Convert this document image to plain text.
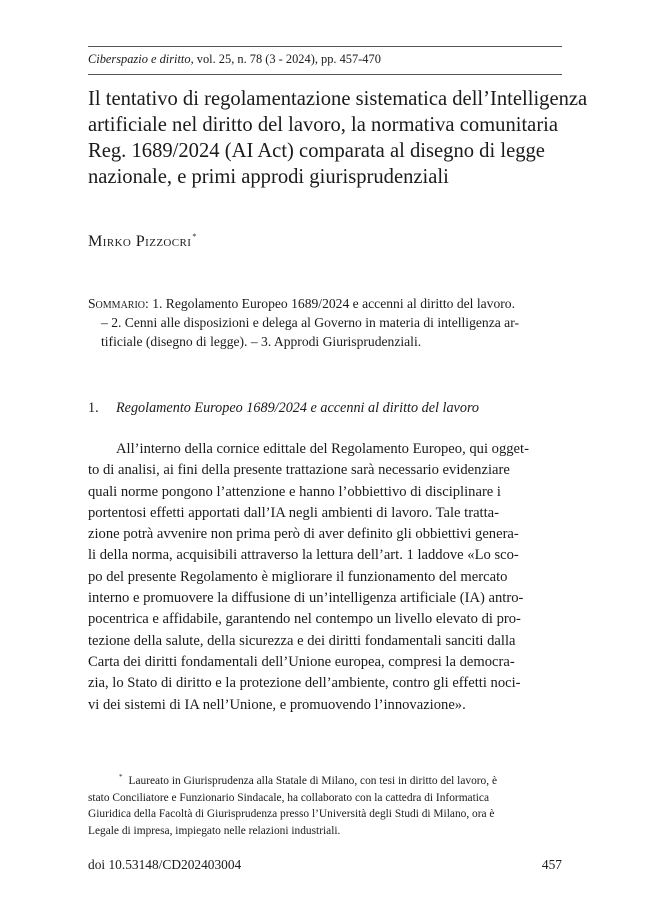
Ciberspazio e diritto, vol. 25, n. 78 (3 - 2024), pp. 457-470
Il tentativo di regolamentazione sistematica dell’Intelligenza
artificiale nel diritto del lavoro, la normativa comunitaria
Reg. 1689/2024 (AI Act) comparata al disegno di legge
nazionale, e primi approdi giurisprudenziali
Mirko Pizzocri*
Sommario: 1. Regolamento Europeo 1689/2024 e accenni al diritto del lavoro.
– 2. Cenni alle disposizioni e delega al Governo in materia di intelligenza ar-
tificiale (disegno di legge). – 3. Approdi Giurisprudenziali.
1. Regolamento Europeo 1689/2024 e accenni al diritto del lavoro
All’interno della cornice edittale del Regolamento Europeo, qui ogget-
to di analisi, ai fini della presente trattazione sarà necessario evidenziare
quali norme pongono l’attenzione e hanno l’obbiettivo di disciplinare i
portentosi effetti apportati dall’IA negli ambienti di lavoro. Tale tratta-
zione potrà avvenire non prima però di aver definito gli obbiettivi genera-
li della norma, acquisibili attraverso la lettura dell’art. 1 laddove «Lo sco-
po del presente Regolamento è migliorare il funzionamento del mercato
interno e promuovere la diffusione di un’intelligenza artificiale (IA) antro-
pocentrica e affidabile, garantendo nel contempo un livello elevato di pro-
tezione della salute, della sicurezza e dei diritti fondamentali sanciti dalla
Carta dei diritti fondamentali dell’Unione europea, compresi la democra-
zia, lo Stato di diritto e la protezione dell’ambiente, contro gli effetti noci-
vi dei sistemi di IA nell’Unione, e promuovendo l’innovazione».
* Laureato in Giurisprudenza alla Statale di Milano, con tesi in diritto del lavoro, è
stato Conciliatore e Funzionario Sindacale, ha collaborato con la cattedra di Informatica
Giuridica della Facoltà di Giurisprudenza presso l’Università degli Studi di Milano, ora è
Legale di impresa, impiegato nelle relazioni industriali.
doi 10.53148/CD202403004	457
